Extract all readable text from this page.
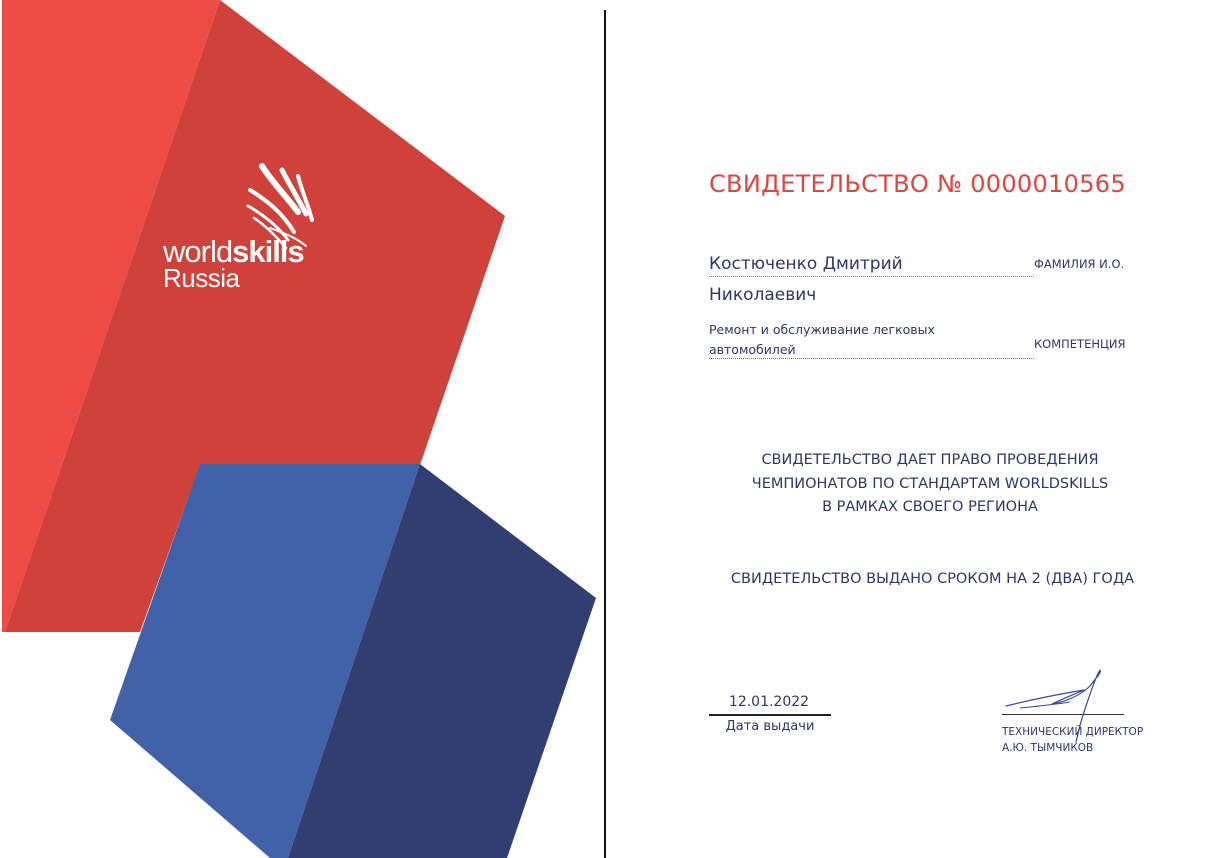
worldskills
Russia
СВИДЕТЕЛЬСТВО № 0000010565
Костюченко Дмитрий
Николаевич
ФАМИЛИЯ И.О.
Ремонт и обслуживание легковых
автомобилей	КОМПЕТЕНЦИЯ
СВИДЕТЕЛЬСТВО ДАЕТ ПРАВО ПРОВЕДЕНИЯ
ЧЕМПИОНАТОВ ПО СТАНДАРТАМ WORLDSKILLS
В РАМКАХ СВОЕГО РЕГИОНА
СВИДЕТЕЛЬСТВО ВЫДАНО СРОКОМ НА 2 (ДВА) ГОДА
12.01.2022
Дата выдачи	ТЕХНИЧЕСКИЙ ДИРЕКТОР
А.Ю. ТЫМЧИКОВ
